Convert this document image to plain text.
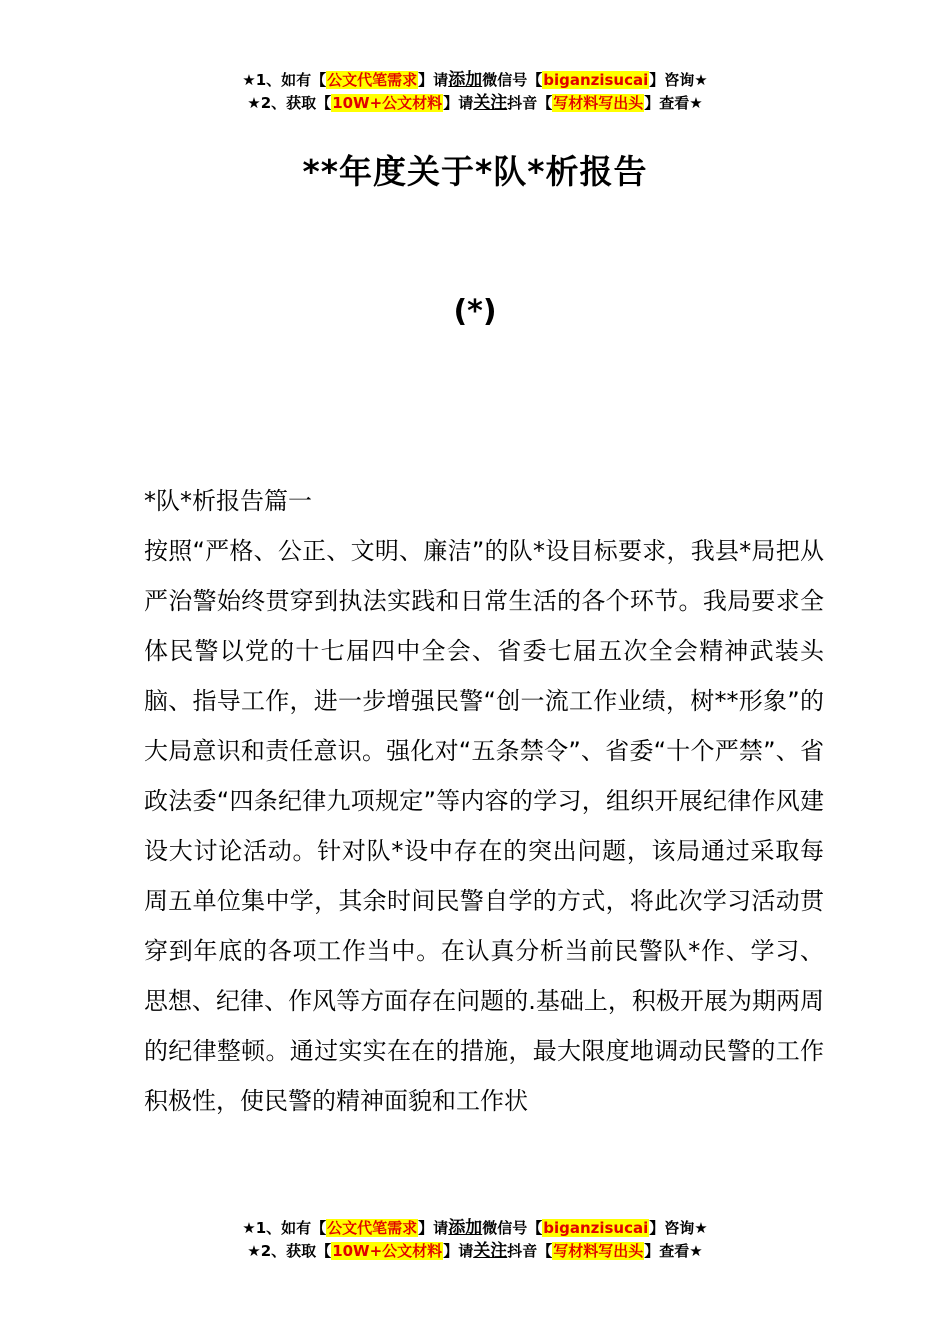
★1、如有【公文代笔需求】请添加微信号【biganzisucai】咨询★
★2、获取【10W+公文材料】请关注抖音【写材料写出头】查看★
**年度关于*队*析报告
(*)

*队*析报告篇一

按照“严格、公正、文明、廉洁”的队*设目标要求，我县*局把从严治警始终贯穿到执法实践和日常生活的各个环节。我局要求全体民警以党的十七届四中全会、省委七届五次全会精神武装头脑、指导工作，进一步增强民警“创一流工作业绩，树**形象”的大局意识和责任意识。强化对“五条禁令”、省委“十个严禁”、省政法委“四条纪律九项规定”等内容的学习，组织开展纪律作风建设大讨论活动。针对队*设中存在的突出问题，该局通过采取每周五单位集中学，其余时间民警自学的方式，将此次学习活动贯穿到年底的各项工作当中。在认真分析当前民警队*作、学习、思想、纪律、作风等方面存在问题的.基础上，积极开展为期两周的纪律整顿。通过实实在在的措施，最大限度地调动民警的工作积极性，使民警的精神面貌和工作状

★1、如有【公文代笔需求】请添加微信号【biganzisucai】咨询★
★2、获取【10W+公文材料】请关注抖音【写材料写出头】查看★
